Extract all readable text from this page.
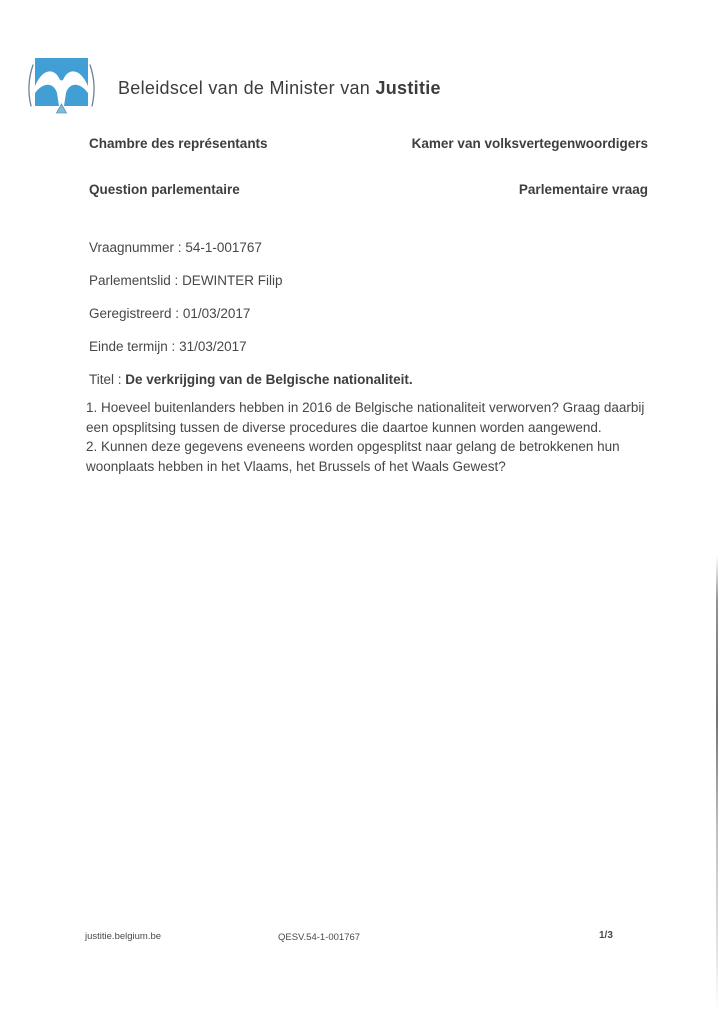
Beleidscel van de Minister van Justitie
Chambre des représentants	Kamer van volksvertegenwoordigers
Question parlementaire	Parlementaire vraag
Vraagnummer : 54-1-001767
Parlementslid : DEWINTER Filip
Geregistreerd : 01/03/2017
Einde termijn : 31/03/2017
Titel : De verkrijging van de Belgische nationaliteit.

1. Hoeveel buitenlanders hebben in 2016 de Belgische nationaliteit verworven? Graag daarbij een opsplitsing tussen de diverse procedures die daartoe kunnen worden aangewend.

2. Kunnen deze gegevens eveneens worden opgesplitst naar gelang de betrokkenen hun woonplaats hebben in het Vlaams, het Brussels of het Waals Gewest?

justitie.belgium.be	QESV.54-1-001767	1/3
